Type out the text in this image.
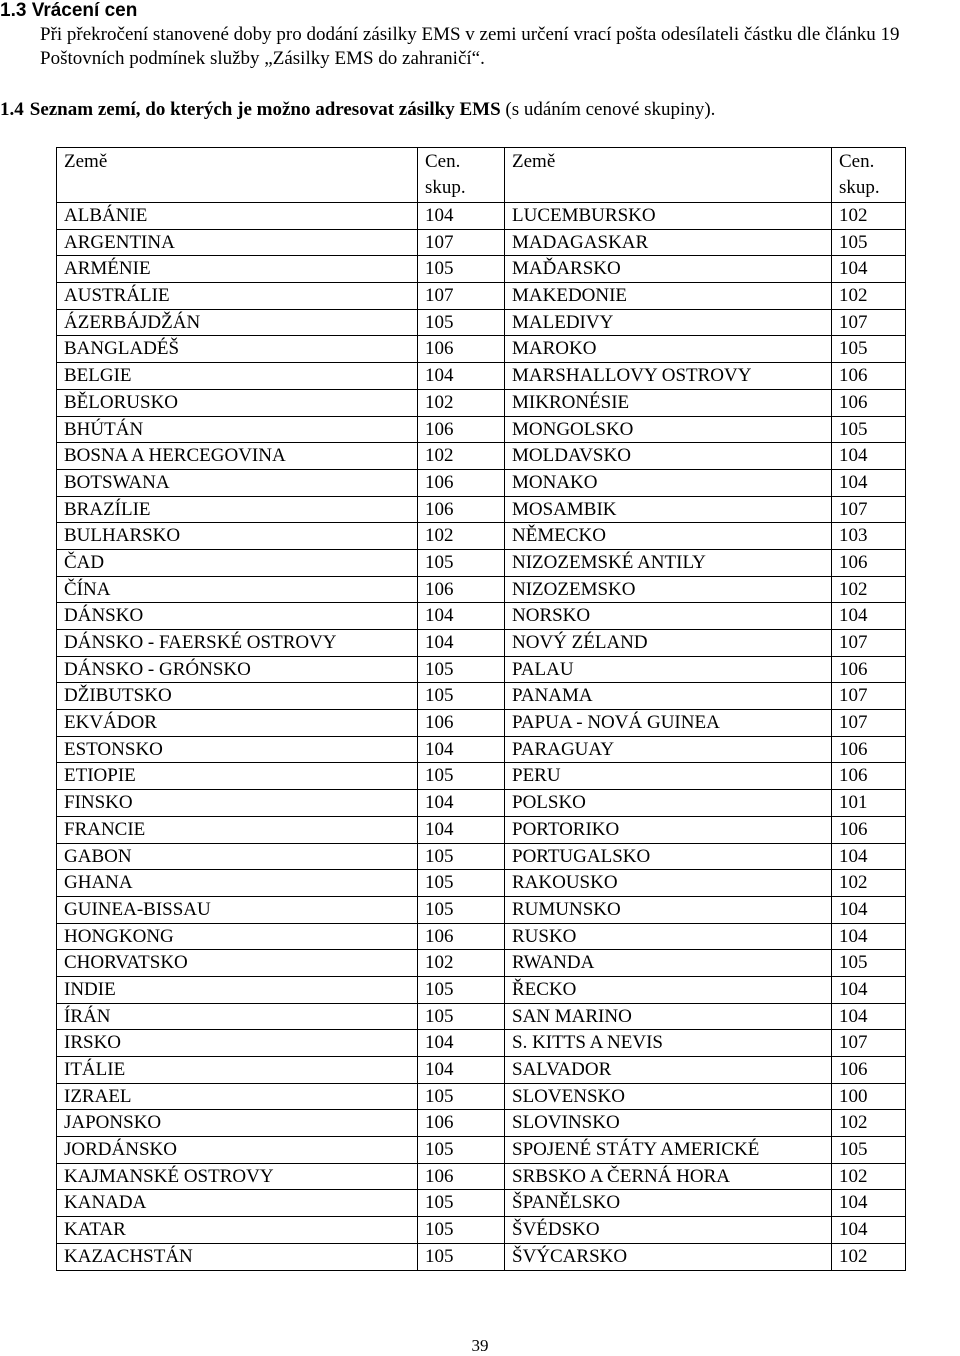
1.3 Vrácení cen
Při překročení stanovené doby pro dodání zásilky EMS v zemi určení vrací pošta odesílateli částku dle článku 19 Poštovních podmínek služby „Zásilky EMS do zahraničí“.
1.4 Seznam zemí, do kterých je možno adresovat zásilky EMS (s udáním cenové skupiny).
Země	Cen. skup.	Země	Cen. skup.
ALBÁNIE	104	LUCEMBURSKO	102
ARGENTINA	107	MADAGASKAR	105
ARMÉNIE	105	MAĎARSKO	104
AUSTRÁLIE	107	MAKEDONIE	102
ÁZERBÁJDŽÁN	105	MALEDIVY	107
BANGLADÉŠ	106	MAROKO	105
BELGIE	104	MARSHALLOVY OSTROVY	106
BĚLORUSKO	102	MIKRONÉSIE	106
BHÚTÁN	106	MONGOLSKO	105
BOSNA A HERCEGOVINA	102	MOLDAVSKO	104
BOTSWANA	106	MONAKO	104
BRAZÍLIE	106	MOSAMBIK	107
BULHARSKO	102	NĚMECKO	103
ČAD	105	NIZOZEMSKÉ ANTILY	106
ČÍNA	106	NIZOZEMSKO	102
DÁNSKO	104	NORSKO	104
DÁNSKO - FAERSKÉ OSTROVY	104	NOVÝ ZÉLAND	107
DÁNSKO - GRÓNSKO	105	PALAU	106
DŽIBUTSKO	105	PANAMA	107
EKVÁDOR	106	PAPUA - NOVÁ GUINEA	107
ESTONSKO	104	PARAGUAY	106
ETIOPIE	105	PERU	106
FINSKO	104	POLSKO	101
FRANCIE	104	PORTORIKO	106
GABON	105	PORTUGALSKO	104
GHANA	105	RAKOUSKO	102
GUINEA-BISSAU	105	RUMUNSKO	104
HONGKONG	106	RUSKO	104
CHORVATSKO	102	RWANDA	105
INDIE	105	ŘECKO	104
ÍRÁN	105	SAN MARINO	104
IRSKO	104	S. KITTS A NEVIS	107
ITÁLIE	104	SALVADOR	106
IZRAEL	105	SLOVENSKO	100
JAPONSKO	106	SLOVINSKO	102
JORDÁNSKO	105	SPOJENÉ STÁTY AMERICKÉ	105
KAJMANSKÉ OSTROVY	106	SRBSKO A ČERNÁ HORA	102
KANADA	105	ŠPANĚLSKO	104
KATAR	105	ŠVÉDSKO	104
KAZACHSTÁN	105	ŠVÝCARSKO	102
39
